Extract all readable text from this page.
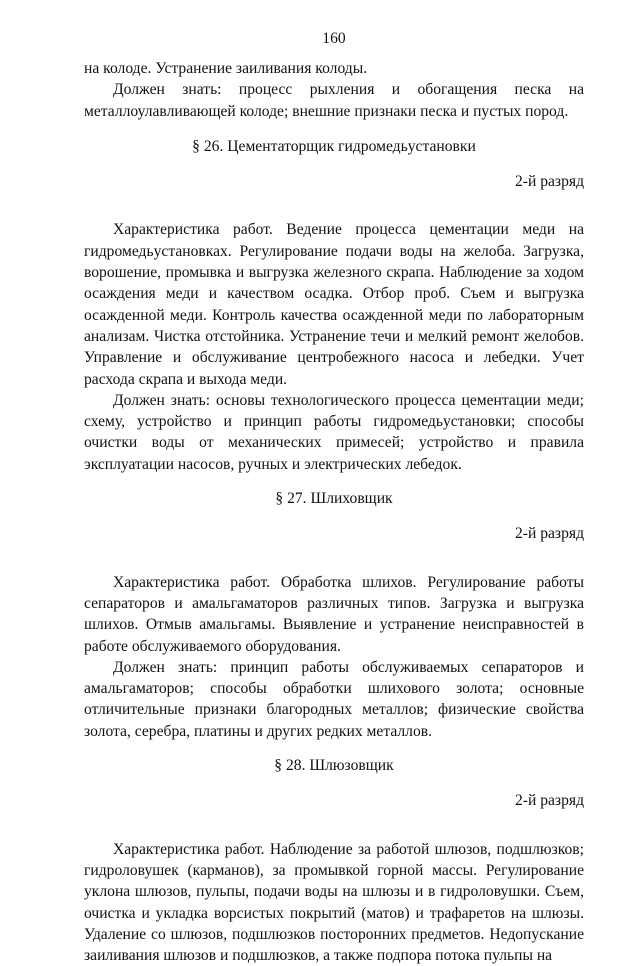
160

на колоде. Устранение заиливания колоды.

Должен знать: процесс рыхления и обогащения песка на металлоулавливающей колоде; внешние признаки песка и пустых пород.

§ 26. Цементаторщик гидромедьустановки
2-й разряд

Характеристика работ. Ведение процесса цементации меди на гидромедьустановках. Регулирование подачи воды на желоба. Загрузка, ворошение, промывка и выгрузка железного скрапа. Наблюдение за ходом осаждения меди и качеством осадка. Отбор проб. Съем и выгрузка осажденной меди. Контроль качества осажденной меди по лабораторным анализам. Чистка отстойника. Устранение течи и мелкий ремонт желобов. Управление и обслуживание центробежного насоса и лебедки. Учет расхода скрапа и выхода меди.

Должен знать: основы технологического процесса цементации меди; схему, устройство и принцип работы гидромедьустановки; способы очистки воды от механических примесей; устройство и правила эксплуатации насосов, ручных и электрических лебедок.

§ 27. Шлиховщик
2-й разряд

Характеристика работ. Обработка шлихов. Регулирование работы сепараторов и амальгаматоров различных типов. Загрузка и выгрузка шлихов. Отмыв амальгамы. Выявление и устранение неисправностей в работе обслуживаемого оборудования.

Должен знать: принцип работы обслуживаемых сепараторов и амальгаматоров; способы обработки шлихового золота; основные отличительные признаки благородных металлов; физические свойства золота, серебра, платины и других редких металлов.

§ 28. Шлюзовщик
2-й разряд

Характеристика работ. Наблюдение за работой шлюзов, подшлюзков; гидроловушек (карманов), за промывкой горной массы. Регулирование уклона шлюзов, пульпы, подачи воды на шлюзы и в гидроловушки. Съем, очистка и укладка ворсистых покрытий (матов) и трафаретов на шлюзы. Удаление со шлюзов, подшлюзков посторонних предметов. Недопускание заиливания шлюзов и подшлюзков, а также подпора потока пульпы на
